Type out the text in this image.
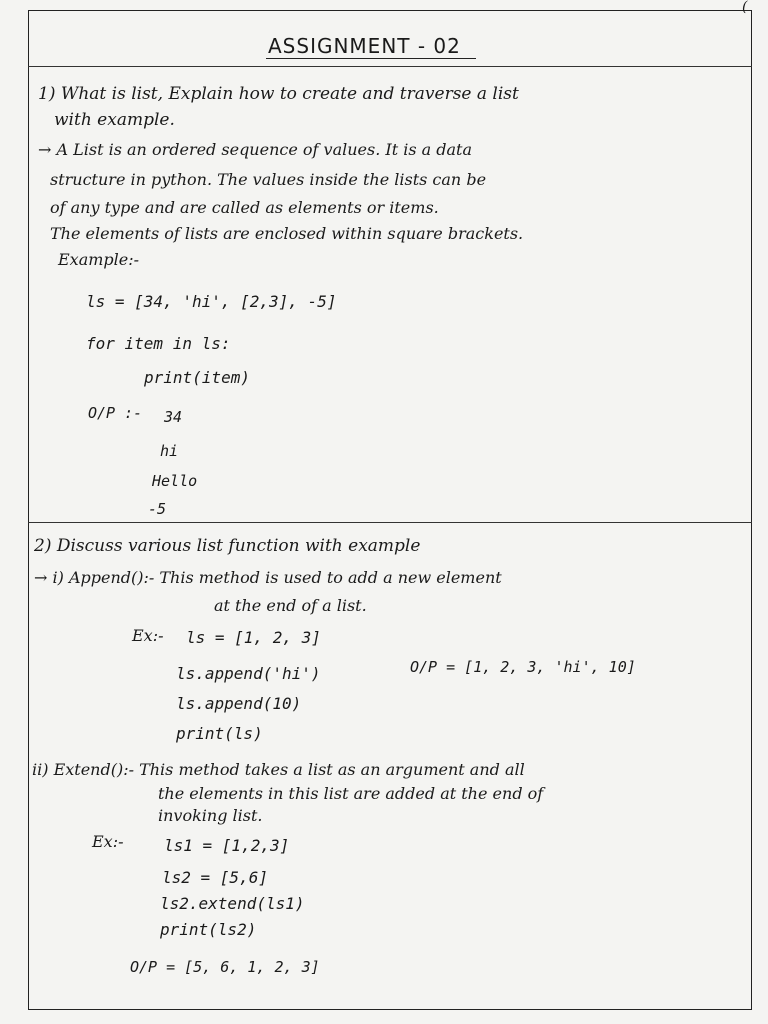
(
ASSIGNMENT - 02
1) What is list, Explain how to create and traverse a list
with example.
→ A List is an ordered sequence of values. It is a data
structure in python. The values inside the lists can be
of any type and are called as elements or items.
The elements of lists are enclosed within square brackets.
Example:-
ls = [34, 'hi', [2,3], -5]
for item in ls:
print(item)
O/P :- 34
hi
Hello
-5
2) Discuss various list function with example
→ i) Append():- This method is used to add a new element
at the end of a list.
Ex:- ls = [1, 2, 3]
ls.append('hi')
ls.append(10)
print(ls)
O/P = [1, 2, 3, 'hi', 10]
ii) Extend():- This method takes a list as an argument and all
the elements in this list are added at the end of
invoking list.
Ex:-	ls1 = [1,2,3]
ls2 = [5,6]
ls2.extend(ls1)
print(ls2)
O/P = [5, 6, 1, 2, 3]
